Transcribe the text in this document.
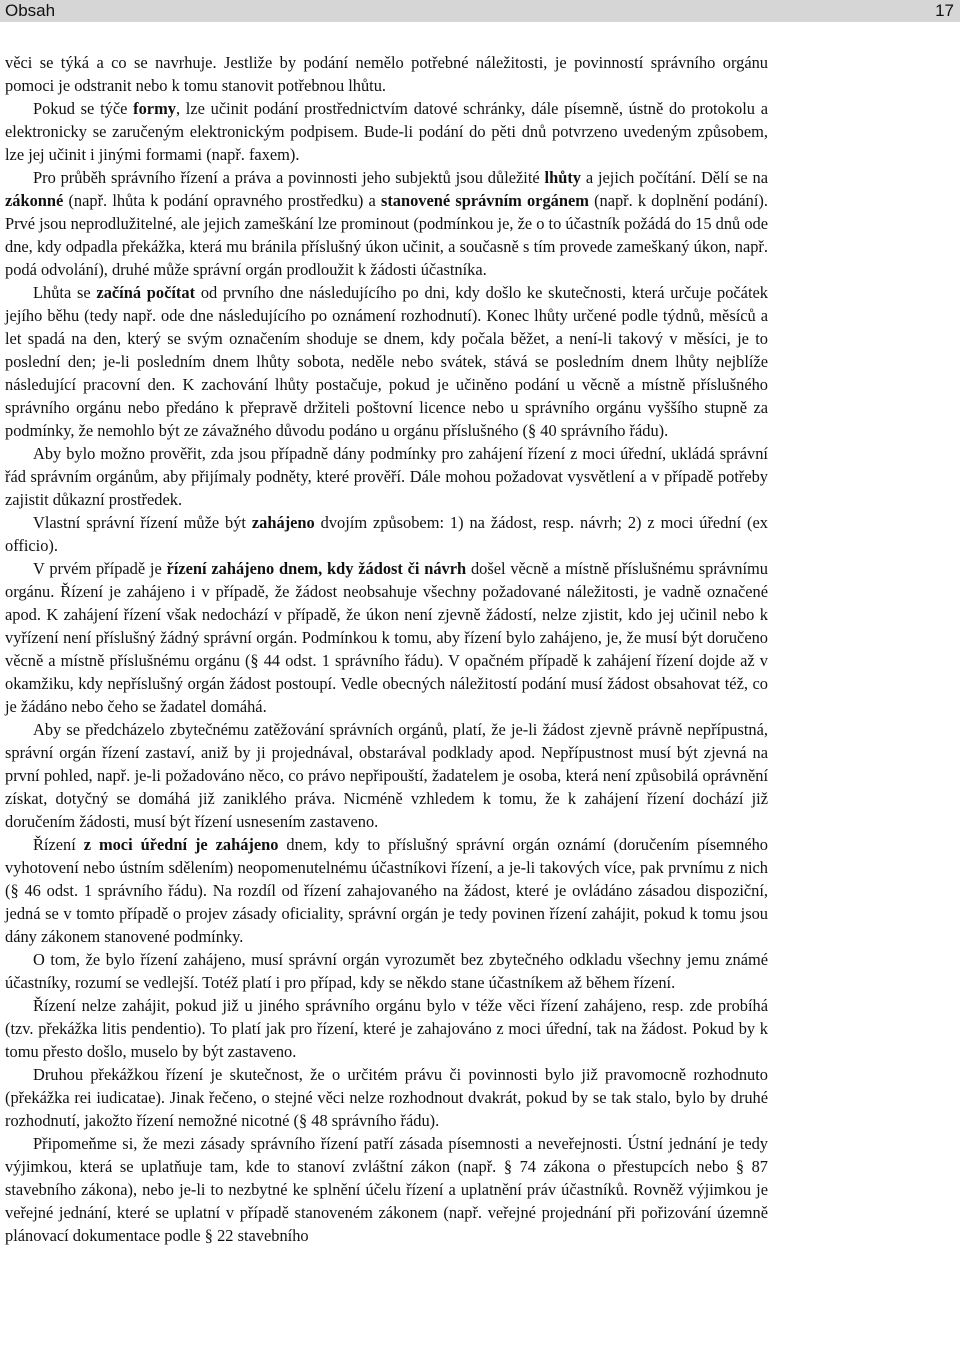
Obsah	17

věci se týká a co se navrhuje. Jestliže by podání nemělo potřebné náležitosti, je povinností správního orgánu pomoci je odstranit nebo k tomu stanovit potřebnou lhůtu.

Pokud se týče formy, lze učinit podání prostřednictvím datové schránky, dále písemně, ústně do protokolu a elektronicky se zaručeným elektronickým podpisem. Bude-li podání do pěti dnů potvrzeno uvedeným způsobem, lze jej učinit i jinými formami (např. faxem).

Pro průběh správního řízení a práva a povinnosti jeho subjektů jsou důležité lhůty a jejich počítání. Dělí se na zákonné (např. lhůta k podání opravného prostředku) a stanovené správním orgánem (např. k doplnění podání). Prvé jsou neprodlužitelné, ale jejich zameškání lze prominout (podmínkou je, že o to účastník požádá do 15 dnů ode dne, kdy odpadla překážka, která mu bránila příslušný úkon učinit, a současně s tím provede zameškaný úkon, např. podá odvolání), druhé může správní orgán prodloužit k žádosti účastníka.

Lhůta se začíná počítat od prvního dne následujícího po dni, kdy došlo ke skutečnosti, která určuje počátek jejího běhu (tedy např. ode dne následujícího po oznámení rozhodnutí). Konec lhůty určené podle týdnů, měsíců a let spadá na den, který se svým označením shoduje se dnem, kdy počala běžet, a není-li takový v měsíci, je to poslední den; je-li posledním dnem lhůty sobota, neděle nebo svátek, stává se posledním dnem lhůty nejblíže následující pracovní den. K zachování lhůty postačuje, pokud je učiněno podání u věcně a místně příslušného správního orgánu nebo předáno k přepravě držiteli poštovní licence nebo u správního orgánu vyššího stupně za podmínky, že nemohlo být ze závažného důvodu podáno u orgánu příslušného (§ 40 správního řádu).

Aby bylo možno prověřit, zda jsou případně dány podmínky pro zahájení řízení z moci úřední, ukládá správní řád správním orgánům, aby přijímaly podněty, které prověří. Dále mohou požadovat vysvětlení a v případě potřeby zajistit důkazní prostředek.

Vlastní správní řízení může být zahájeno dvojím způsobem: 1) na žádost, resp. návrh; 2) z moci úřední (ex officio).

V prvém případě je řízení zahájeno dnem, kdy žádost či návrh došel věcně a místně příslušnému správnímu orgánu. Řízení je zahájeno i v případě, že žádost neobsahuje všechny požadované náležitosti, je vadně označené apod. K zahájení řízení však nedochází v případě, že úkon není zjevně žádostí, nelze zjistit, kdo jej učinil nebo k vyřízení není příslušný žádný správní orgán. Podmínkou k tomu, aby řízení bylo zahájeno, je, že musí být doručeno věcně a místně příslušnému orgánu (§ 44 odst. 1 správního řádu). V opačném případě k zahájení řízení dojde až v okamžiku, kdy nepříslušný orgán žádost postoupí. Vedle obecných náležitostí podání musí žádost obsahovat též, co je žádáno nebo čeho se žadatel domáhá.

Aby se předcházelo zbytečnému zatěžování správních orgánů, platí, že je-li žádost zjevně právně nepřípustná, správní orgán řízení zastaví, aniž by ji projednával, obstarával podklady apod. Nepřípustnost musí být zjevná na první pohled, např. je-li požadováno něco, co právo nepřipouští, žadatelem je osoba, která není způsobilá oprávnění získat, dotyčný se domáhá již zaniklého práva. Nicméně vzhledem k tomu, že k zahájení řízení dochází již doručením žádosti, musí být řízení usnesením zastaveno.

Řízení z moci úřední je zahájeno dnem, kdy to příslušný správní orgán oznámí (doručením písemného vyhotovení nebo ústním sdělením) neopomenutelnému účastníkovi řízení, a je-li takových více, pak prvnímu z nich (§ 46 odst. 1 správního řádu). Na rozdíl od řízení zahajovaného na žádost, které je ovládáno zásadou dispoziční, jedná se v tomto případě o projev zásady oficiality, správní orgán je tedy povinen řízení zahájit, pokud k tomu jsou dány zákonem stanovené podmínky.

O tom, že bylo řízení zahájeno, musí správní orgán vyrozumět bez zbytečného odkladu všechny jemu známé účastníky, rozumí se vedlejší. Totéž platí i pro případ, kdy se někdo stane účastníkem až během řízení.

Řízení nelze zahájit, pokud již u jiného správního orgánu bylo v téže věci řízení zahájeno, resp. zde probíhá (tzv. překážka litis pendentio). To platí jak pro řízení, které je zahajováno z moci úřední, tak na žádost. Pokud by k tomu přesto došlo, muselo by být zastaveno.

Druhou překážkou řízení je skutečnost, že o určitém právu či povinnosti bylo již pravomocně rozhodnuto (překážka rei iudicatae). Jinak řečeno, o stejné věci nelze rozhodnout dvakrát, pokud by se tak stalo, bylo by druhé rozhodnutí, jakožto řízení nemožné nicotné (§ 48 správního řádu).

Připomeňme si, že mezi zásady správního řízení patří zásada písemnosti a neveřejnosti. Ústní jednání je tedy výjimkou, která se uplatňuje tam, kde to stanoví zvláštní zákon (např. § 74 zákona o přestupcích nebo § 87 stavebního zákona), nebo je-li to nezbytné ke splnění účelu řízení a uplatnění práv účastníků. Rovněž výjimkou je veřejné jednání, které se uplatní v případě stanoveném zákonem (např. veřejné projednání při pořizování územně plánovací dokumentace podle § 22 stavebního
